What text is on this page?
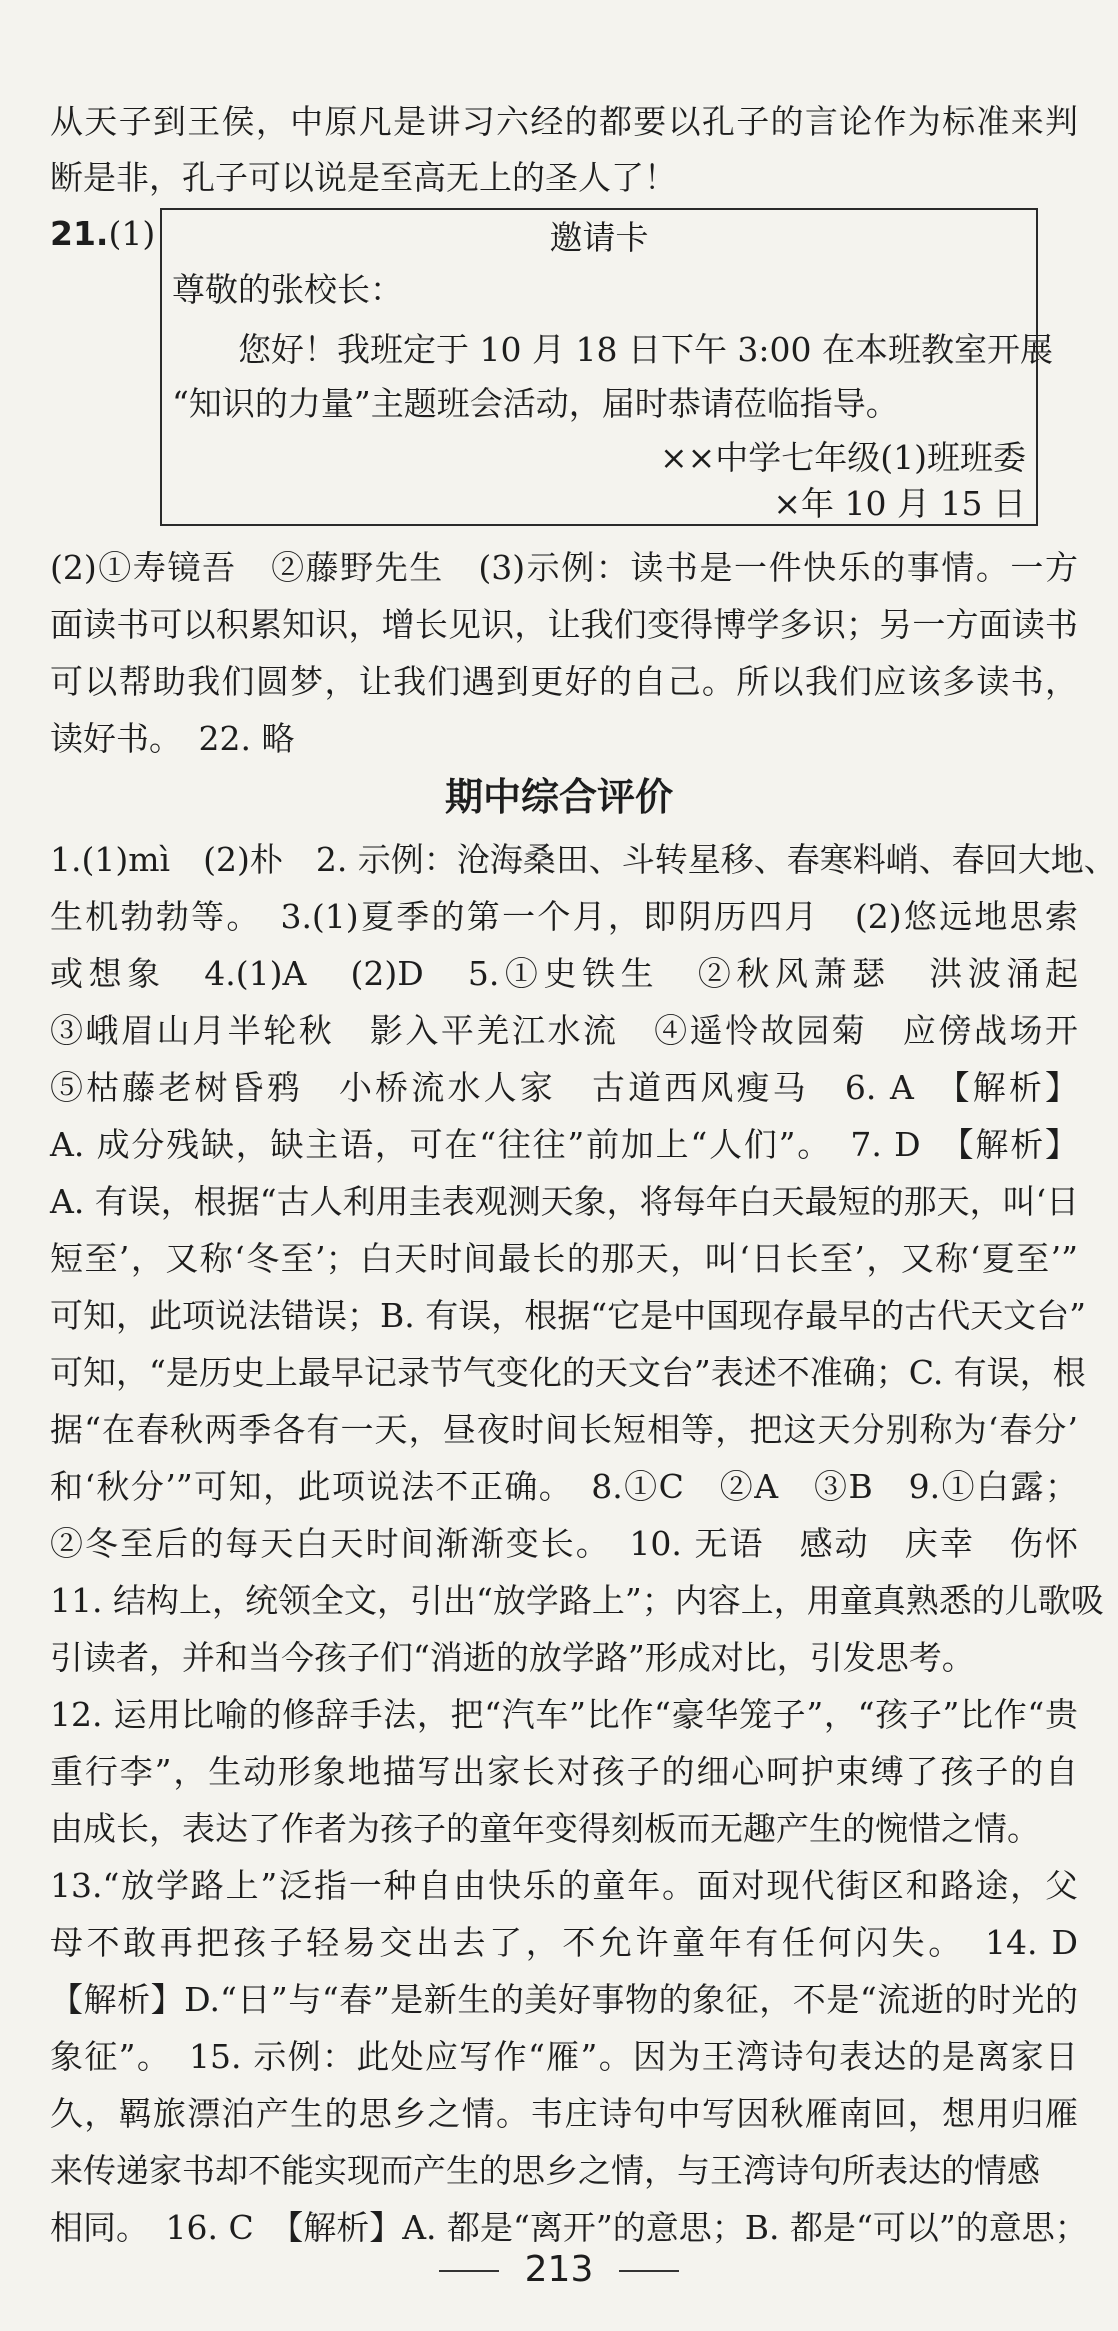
从天子到王侯，中原凡是讲习六经的都要以孔子的言论作为标准来判
断是非，孔子可以说是至高无上的圣人了！
21.(1)	邀请卡
尊敬的张校长：
您好！我班定于 10 月 18 日下午 3:00 在本班教室开展
“知识的力量”主题班会活动，届时恭请莅临指导。
××中学七年级(1)班班委
×年 10 月 15 日
(2)①寿镜吾　②藤野先生　(3)示例：读书是一件快乐的事情。一方
面读书可以积累知识，增长见识，让我们变得博学多识；另一方面读书
可以帮助我们圆梦，让我们遇到更好的自己。所以我们应该多读书，
读好书。　22. 略
期中综合评价
1.(1)mì　(2)朴　2. 示例：沧海桑田、斗转星移、春寒料峭、春回大地、
生机勃勃等。　3.(1)夏季的第一个月，即阴历四月　(2)悠远地思索
或想象　4.(1)A　(2)D　5.①史铁生　②秋风萧瑟　洪波涌起
③峨眉山月半轮秋　影入平羌江水流　④遥怜故园菊　应傍战场开
⑤枯藤老树昏鸦　小桥流水人家　古道西风瘦马　6. A　【解析】
A. 成分残缺，缺主语，可在“往往”前加上“人们”。　7. D　【解析】
A. 有误，根据“古人利用圭表观测天象，将每年白天最短的那天，叫‘日
短至’，又称‘冬至’；白天时间最长的那天，叫‘日长至’，又称‘夏至’”
可知，此项说法错误；B. 有误，根据“它是中国现存最早的古代天文台”
可知，“是历史上最早记录节气变化的天文台”表述不准确；C. 有误，根
据“在春秋两季各有一天，昼夜时间长短相等，把这天分别称为‘春分’
和‘秋分’”可知，此项说法不正确。　8.①C　②A　③B　9.①白露；
②冬至后的每天白天时间渐渐变长。　10. 无语　感动　庆幸　伤怀
11. 结构上，统领全文，引出“放学路上”；内容上，用童真熟悉的儿歌吸
引读者，并和当今孩子们“消逝的放学路”形成对比，引发思考。
12. 运用比喻的修辞手法，把“汽车”比作“豪华笼子”，“孩子”比作“贵
重行李”，生动形象地描写出家长对孩子的细心呵护束缚了孩子的自
由成长，表达了作者为孩子的童年变得刻板而无趣产生的惋惜之情。
13.“放学路上”泛指一种自由快乐的童年。面对现代街区和路途，父
母不敢再把孩子轻易交出去了，不允许童年有任何闪失。　14. D
【解析】D.“日”与“春”是新生的美好事物的象征，不是“流逝的时光的
象征”。　15. 示例：此处应写作“雁”。因为王湾诗句表达的是离家日
久，羁旅漂泊产生的思乡之情。韦庄诗句中写因秋雁南回，想用归雁
来传递家书却不能实现而产生的思乡之情，与王湾诗句所表达的情感
相同。　16. C　【解析】A. 都是“离开”的意思；B. 都是“可以”的意思；
213
